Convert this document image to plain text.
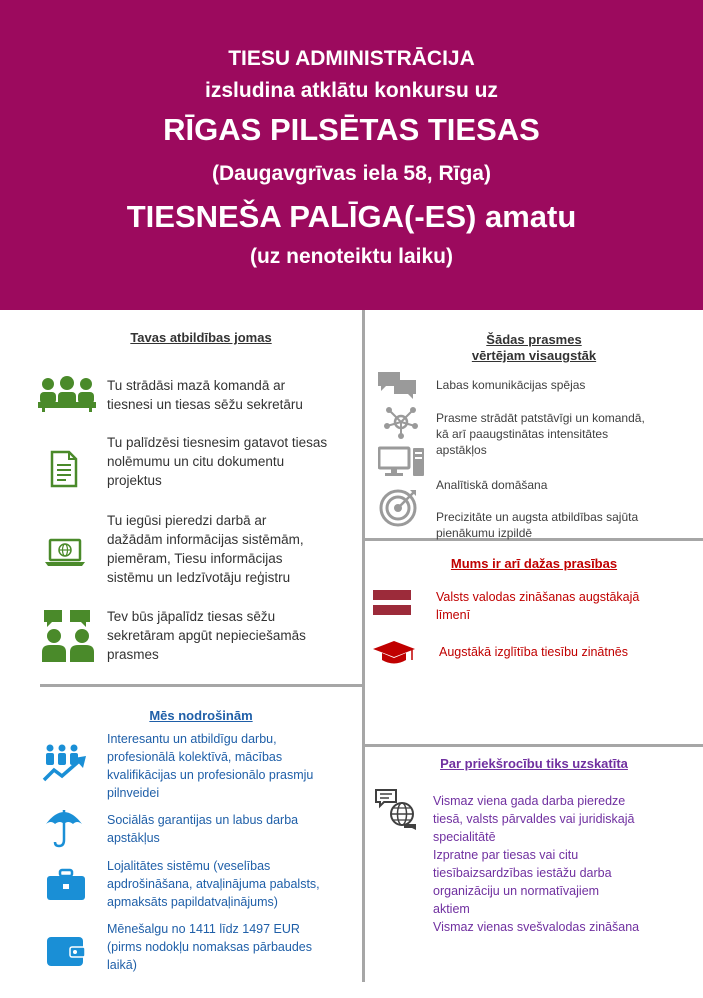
TIESU ADMINISTRĀCIJA
izsludina atklātu konkursu uz
RĪGAS PILSĒTAS TIESAS
(Daugavgrīvas iela 58, Rīga)
TIESNEŠA PALĪGA(-ES) amatu
(uz nenoteiktu laiku)
Tavas atbildības jomas
Tu strādāsi mazā komandā ar
tiesnesi un tiesas sēžu sekretāru
Tu palīdzēsi tiesnesim gatavot tiesas
nolēmumu un citu dokumentu
projektus
Tu iegūsi pieredzi darbā ar
dažādām informācijas sistēmām,
piemēram, Tiesu informācijas
sistēmu un Iedzīvotāju reģistru
Tev būs jāpalīdz tiesas sēžu
sekretāram apgūt nepieciešamās
prasmes
Mēs nodrošinām
Interesantu un atbildīgu darbu,
profesionālā kolektīvā, mācības
kvalifikācijas un profesionālo prasmju
pilnveidei
Sociālās garantijas un labus darba
apstākļus
Lojalitātes sistēmu (veselības
apdrošināšana, atvaļinājuma pabalsts,
apmaksāts papildatvaļinājums)
Mēnešalgu no 1411 līdz 1497 EUR
(pirms nodokļu nomaksas pārbaudes
laikā)
Šādas prasmes
vērtējam visaugstāk
Labas komunikācijas spējas
Prasme strādāt patstāvīgi un komandā,
kā arī paaugstinātas intensitātes
apstākļos
Analītiskā domāšana
Precizitāte un augsta atbildības sajūta
pienākumu izpildē
Mums ir arī dažas prasības
Valsts valodas zināšanas augstākajā
līmenī
Augstākā izglītība tiesību zinātnēs
Par priekšrocību tiks uzskatīta
Vismaz viena gada darba pieredze
tiesā, valsts pārvaldes vai juridiskajā
specialitātē
Izpratne par tiesas vai citu
tiesībaizsardzības iestāžu darba
organizāciju un normatīvajiem
aktiem
Vismaz vienas svešvalodas zināšana
